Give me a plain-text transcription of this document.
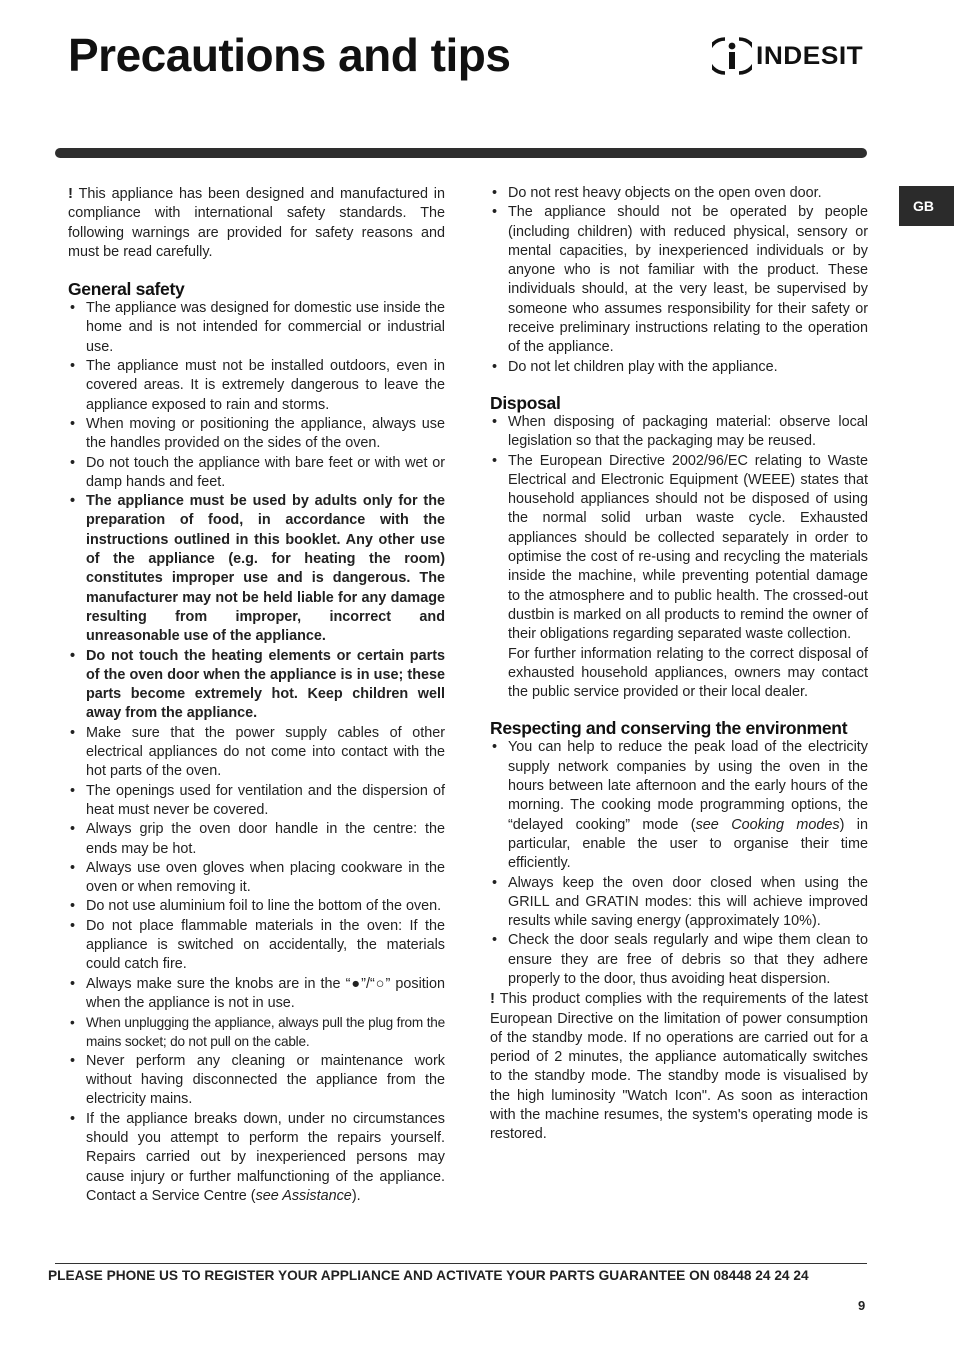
Precautions and tips	INDESIT
GB

! This appliance has been designed and manufactured in compliance with international safety standards. The following warnings are provided for safety reasons and must be read carefully.

General safety
• The appliance was designed for domestic use inside the home and is not intended for commercial or industrial use.
• The appliance must not be installed outdoors, even in covered areas. It is extremely dangerous to leave the appliance exposed to rain and storms.
• When moving or positioning the appliance, always use the handles provided on the sides of the oven.
• Do not touch the appliance with bare feet or with wet or damp hands and feet.
• The appliance must be used by adults only for the preparation of food, in accordance with the instructions outlined in this booklet. Any other use of the appliance (e.g. for heating the room) constitutes improper use and is dangerous. The manufacturer may not be held liable for any damage resulting from improper, incorrect and unreasonable use of the appliance.
• Do not touch the heating elements or certain parts of the oven door when the appliance is in use; these parts become extremely hot. Keep children well away from the appliance.
• Make sure that the power supply cables of other electrical appliances do not come into contact with the hot parts of the oven.
• The openings used for ventilation and the dispersion of heat must never be covered.
• Always grip the oven door handle in the centre: the ends may be hot.
• Always use oven gloves when placing cookware in the oven or when removing it.
• Do not use aluminium foil to line the bottom of the oven.
• Do not place flammable materials in the oven: If the appliance is switched on accidentally, the materials could catch fire.
• Always make sure the knobs are in the “●”/“○” position when the appliance is not in use.
• When unplugging the appliance, always pull the plug from the mains socket; do not pull on the cable.
• Never perform any cleaning or maintenance work without having disconnected the appliance from the electricity mains.
• If the appliance breaks down, under no circumstances should you attempt to perform the repairs yourself. Repairs carried out by inexperienced persons may cause injury or further malfunctioning of the appliance. Contact a Service Centre (see Assistance).
• Do not rest heavy objects on the open oven door.
• The appliance should not be operated by people (including children) with reduced physical, sensory or mental capacities, by inexperienced individuals or by anyone who is not familiar with the product. These individuals should, at the very least, be supervised by someone who assumes responsibility for their safety or receive preliminary instructions relating to the operation of the appliance.
• Do not let children play with the appliance.
Disposal
• When disposing of packaging material: observe local legislation so that the packaging may be reused.
• The European Directive 2002/96/EC relating to Waste Electrical and Electronic Equipment (WEEE) states that household appliances should not be disposed of using the normal solid urban waste cycle. Exhausted appliances should be collected separately in order to optimise the cost of re-using and recycling the materials inside the machine, while preventing potential damage to the atmosphere and to public health. The crossed-out dustbin is marked on all products to remind the owner of their obligations regarding separated waste collection.

For further information relating to the correct disposal of exhausted household appliances, owners may contact the public service provided or their local dealer.

Respecting and conserving the environment
• You can help to reduce the peak load of the electricity supply network companies by using the oven in the hours between late afternoon and the early hours of the morning. The cooking mode programming options, the “delayed cooking” mode (see Cooking modes) in particular, enable the user to organise their time efficiently.
• Always keep the oven door closed when using the GRILL and GRATIN modes: this will achieve improved results while saving energy (approximately 10%).
• Check the door seals regularly and wipe them clean to ensure they are free of debris so that they adhere properly to the door, thus avoiding heat dispersion.

! This product complies with the requirements of the latest European Directive on the limitation of power consumption of the standby mode. If no operations are carried out for a period of 2 minutes, the appliance automatically switches to the standby mode. The standby mode is visualised by the high luminosity "Watch Icon". As soon as interaction with the machine resumes, the system's operating mode is restored.

PLEASE PHONE US TO REGISTER YOUR APPLIANCE AND ACTIVATE YOUR PARTS GUARANTEE ON 08448 24 24 24
9
